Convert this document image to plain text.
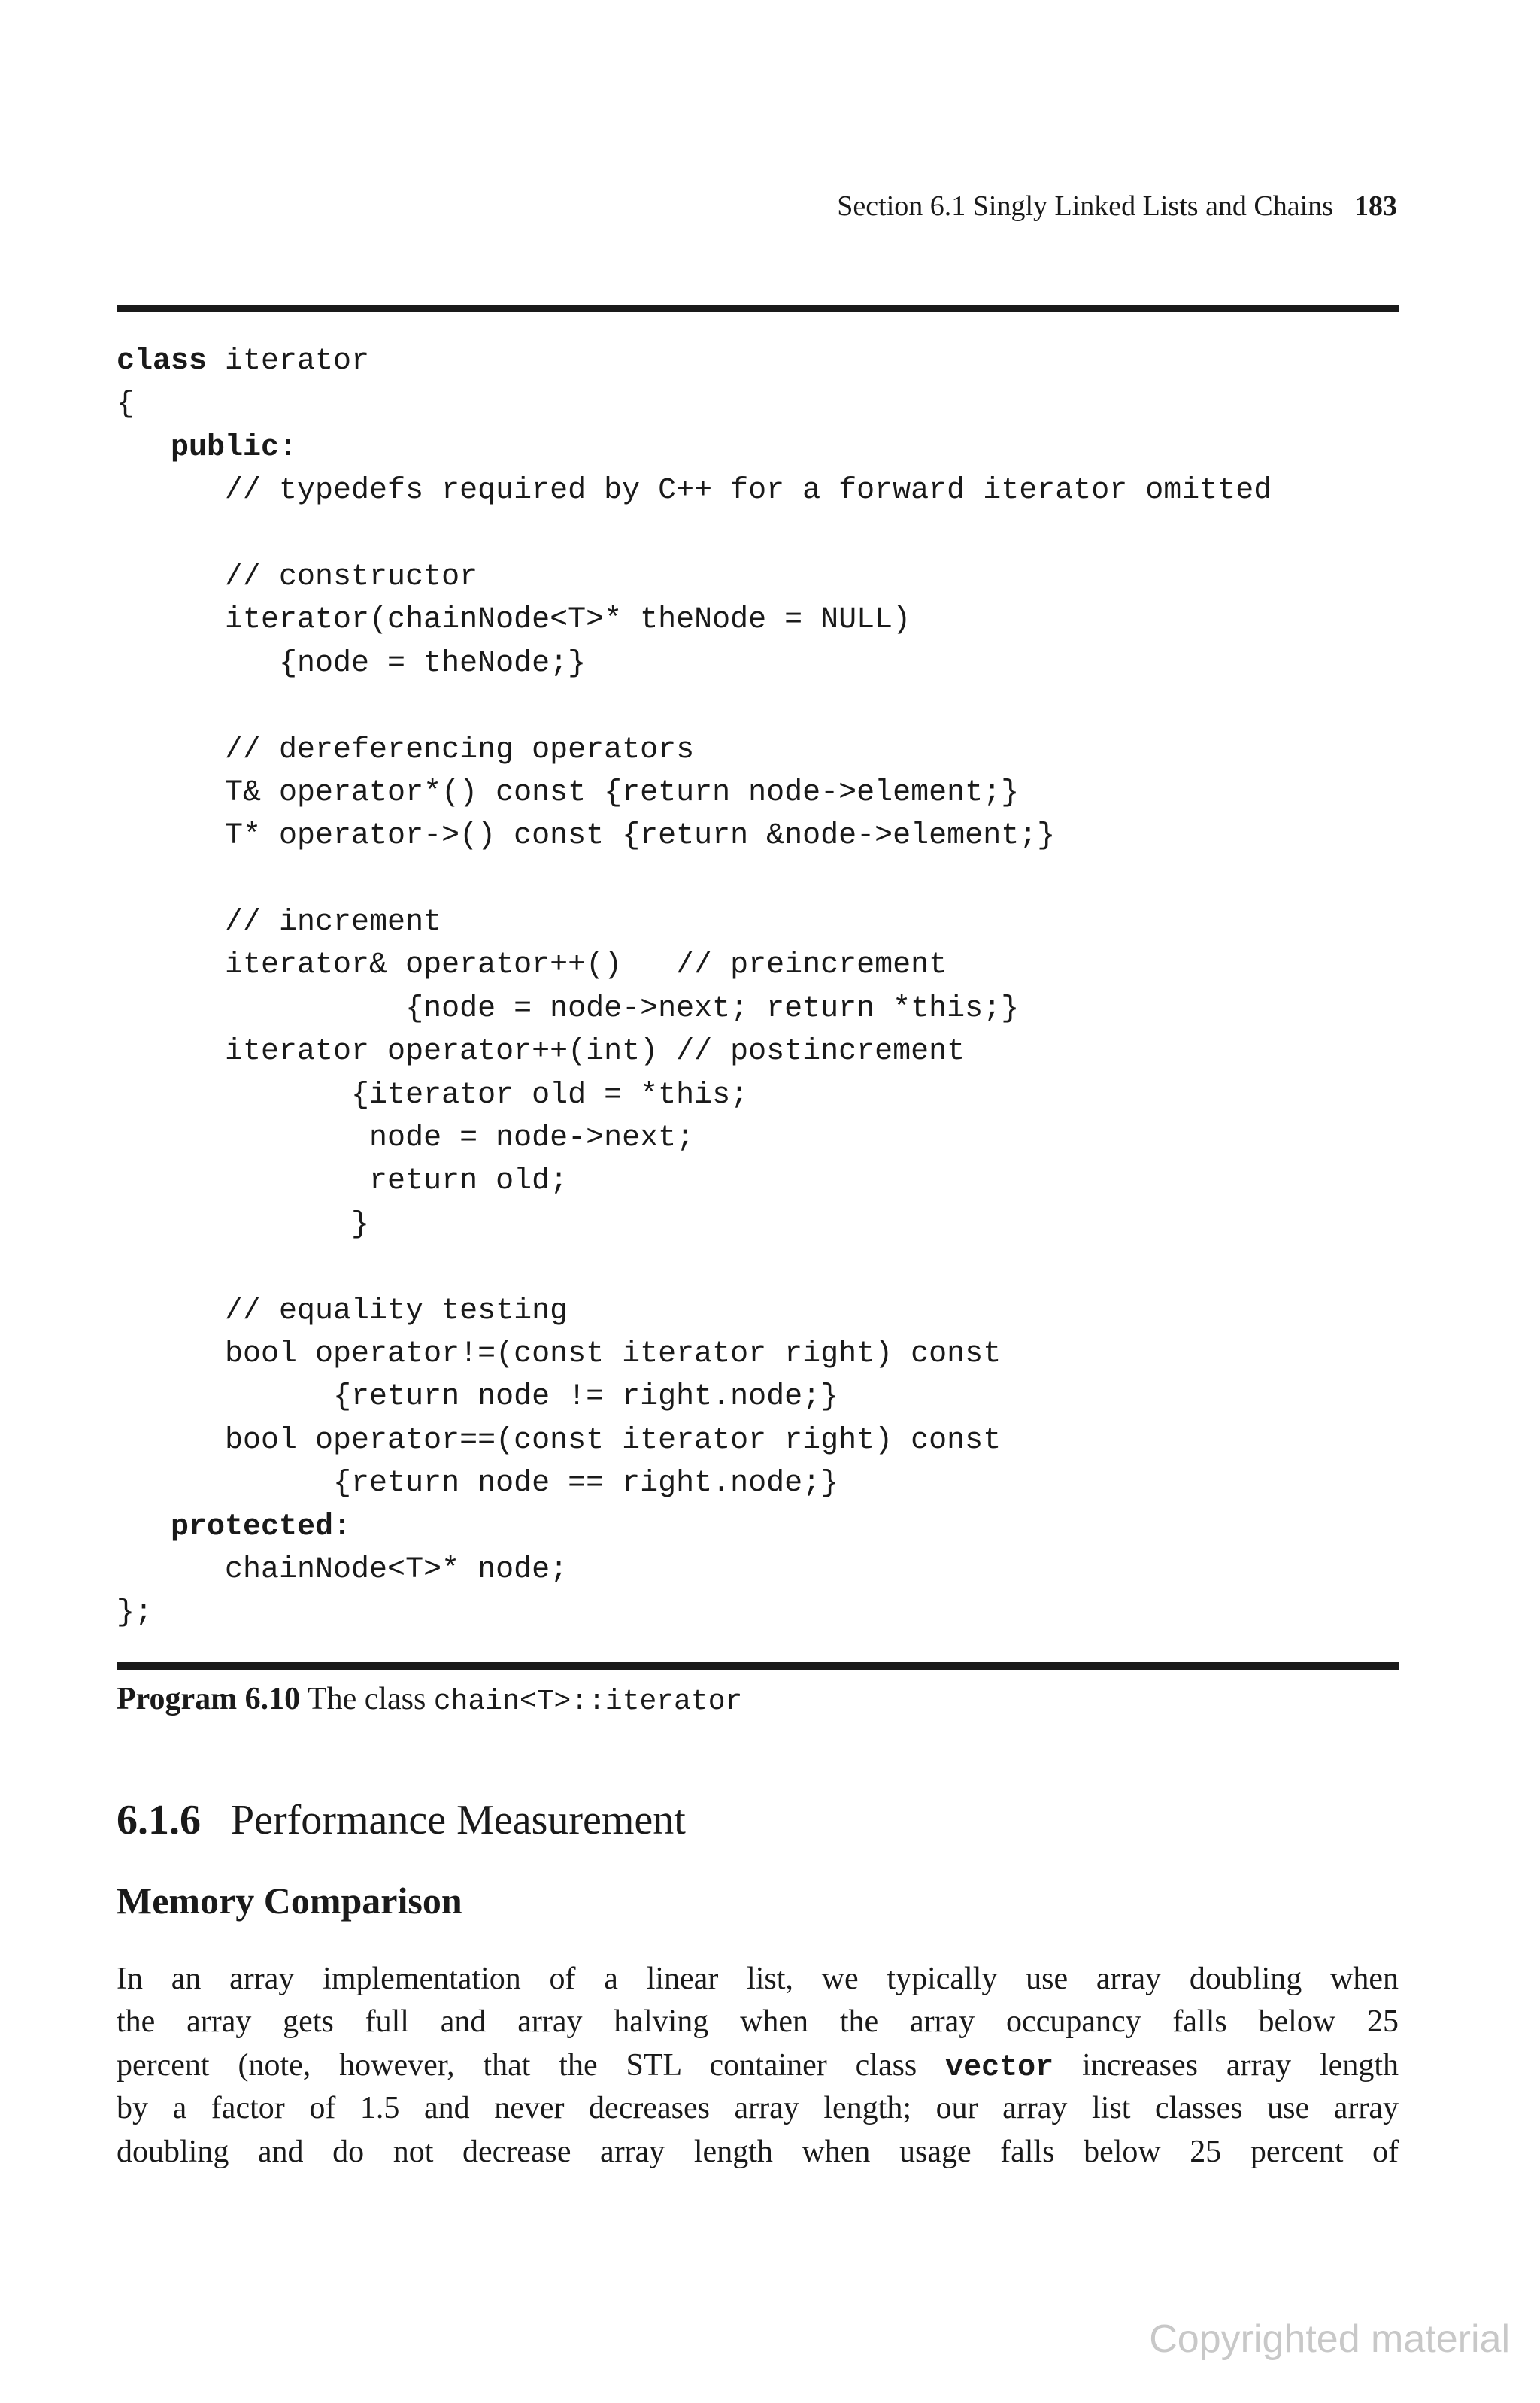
Section 6.1 Singly Linked Lists and Chains 183
class iterator
{
public:
// typedefs required by C++ for a forward iterator omitted
// constructor
iterator(chainNode<T>* theNode = NULL)
{node = theNode;}
// dereferencing operators
T& operator*() const {return node->element;}
T* operator->() const {return &node->element;}
// increment
iterator& operator++()   // preincrement
{node = node->next; return *this;}
iterator operator++(int) // postincrement
{iterator old = *this;
node = node->next;
return old;
}
// equality testing
bool operator!=(const iterator right) const
{return node != right.node;}
bool operator==(const iterator right) const
{return node == right.node;}
protected:
chainNode<T>* node;
};
Program 6.10 The class chain<T>::iterator
6.1.6 Performance Measurement
Memory Comparison
In an array implementation of a linear list, we typically use array doubling when
the array gets full and array halving when the array occupancy falls below 25
percent (note, however, that the STL container class vector increases array length
by a factor of 1.5 and never decreases array length; our array list classes use array
doubling and do not decrease array length when usage falls below 25 percent of
Copyrighted material
